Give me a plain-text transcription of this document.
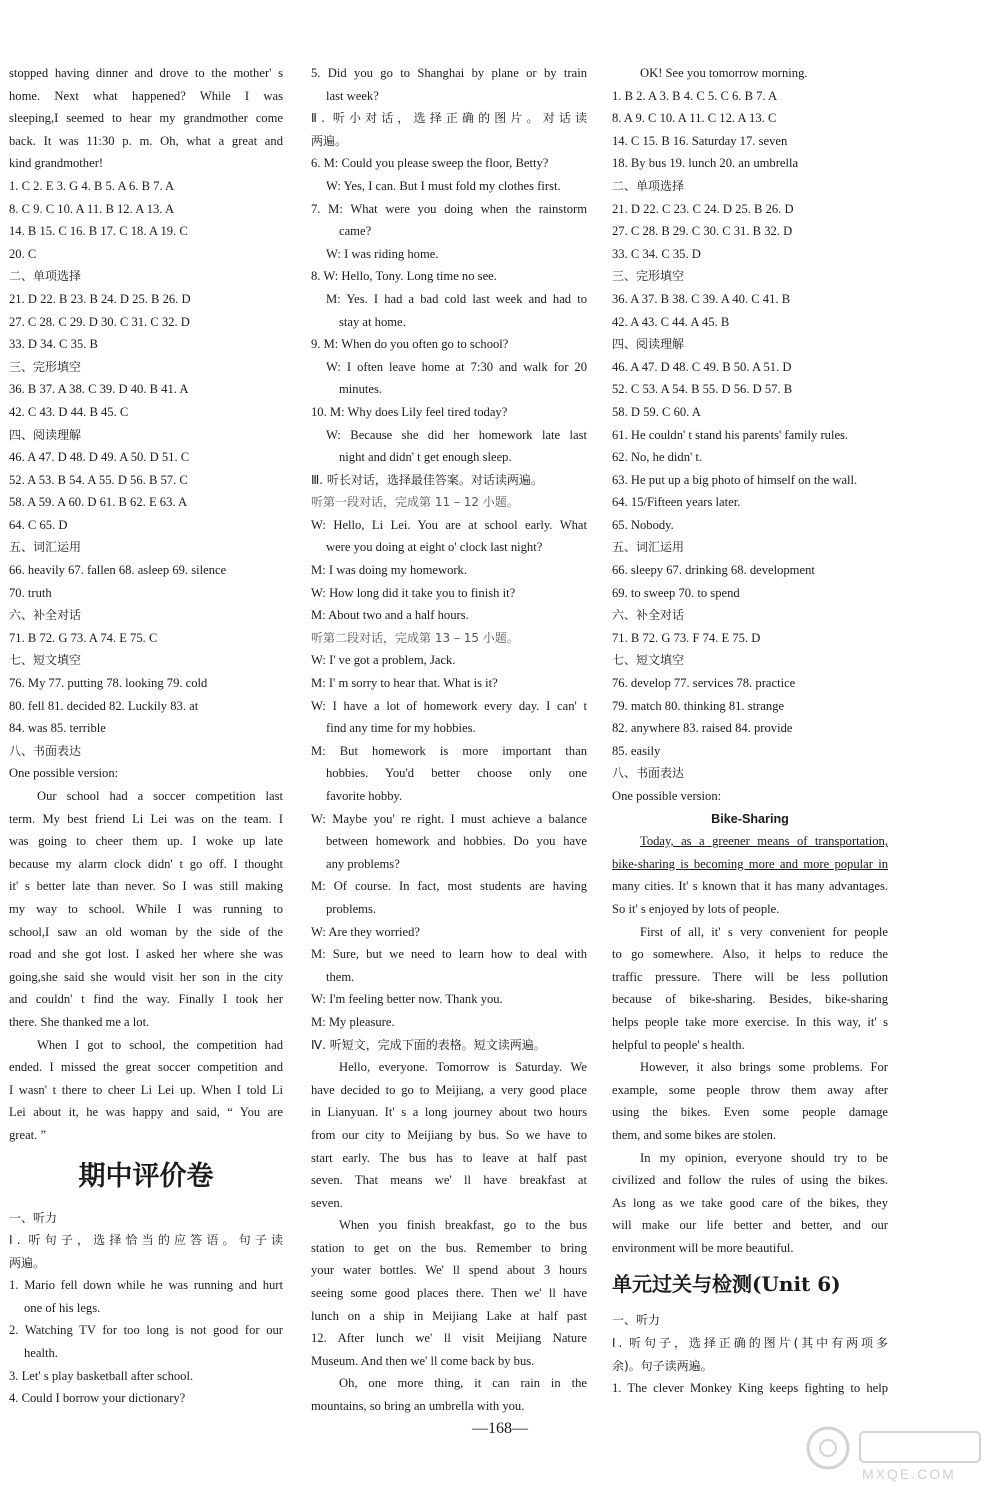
stopped having dinner and drove to the mother' s
home. Next what happened? While I was
sleeping,I seemed to hear my grandmother come
back. It was 11:30 p. m. Oh, what a great and
kind grandmother!
1. C 2. E 3. G 4. B 5. A 6. B 7. A
8. C 9. C 10. A 11. B 12. A 13. A
14. B 15. C 16. B 17. C 18. A 19. C
20. C
二、单项选择
21. D 22. B 23. B 24. D 25. B 26. D
27. C 28. C 29. D 30. C 31. C 32. D
33. D 34. C 35. B
三、完形填空
36. B 37. A 38. C 39. D 40. B 41. A
42. C 43. D 44. B 45. C
四、阅读理解
46. A 47. D 48. D 49. A 50. D 51. C
52. A 53. B 54. A 55. D 56. B 57. C
58. A 59. A 60. D 61. B 62. E 63. A
64. C 65. D
五、词汇运用
66. heavily 67. fallen 68. asleep 69. silence
70. truth
六、补全对话
71. B 72. G 73. A 74. E 75. C
七、短文填空
76. My 77. putting 78. looking 79. cold
80. fell 81. decided 82. Luckily 83. at
84. was 85. terrible
八、书面表达
One possible version:
Our school had a soccer competition last
term. My best friend Li Lei was on the team. I
was going to cheer them up. I woke up late
because my alarm clock didn' t go off. I thought
it' s better late than never. So I was still making
my way to school. While I was running to
school,I saw an old woman by the side of the
road and she got lost. I asked her where she was
going,she said she would visit her son in the city
and couldn' t find the way. Finally I took her
there. She thanked me a lot.
When I got to school, the competition had
ended. I missed the great soccer competition and
I wasn' t there to cheer Li Lei up. When I told Li
Lei about it, he was happy and said, “ You are
great. ”
期中评价卷
一、听力
Ⅰ. 听句子，选择恰当的应答语。句子读
两遍。
1. Mario fell down while he was running and hurt
one of his legs.
2. Watching TV for too long is not good for our
health.
3. Let' s play basketball after school.
4. Could I borrow your dictionary?
5. Did you go to Shanghai by plane or by train
last week?
Ⅱ. 听小对话，选择正确的图片。对话读
两遍。
6. M: Could you please sweep the floor, Betty?
W: Yes, I can. But I must fold my clothes first.
7. M: What were you doing when the rainstorm
came?
W: I was riding home.
8. W: Hello, Tony. Long time no see.
M: Yes. I had a bad cold last week and had to
stay at home.
9. M: When do you often go to school?
W: I often leave home at 7:30 and walk for 20
minutes.
10. M: Why does Lily feel tired today?
W: Because she did her homework late last
night and didn' t get enough sleep.
Ⅲ. 听长对话，选择最佳答案。对话读两遍。
听第一段对话，完成第 11 – 12 小题。
W: Hello, Li Lei. You are at school early. What
were you doing at eight o' clock last night?
M: I was doing my homework.
W: How long did it take you to finish it?
M: About two and a half hours.
听第二段对话，完成第 13 – 15 小题。
W: I' ve got a problem, Jack.
M: I' m sorry to hear that. What is it?
W: I have a lot of homework every day. I can' t
find any time for my hobbies.
M: But homework is more important than
hobbies. You'd better choose only one
favorite hobby.
W: Maybe you' re right. I must achieve a balance
between homework and hobbies. Do you have
any problems?
M: Of course. In fact, most students are having
problems.
W: Are they worried?
M: Sure, but we need to learn how to deal with
them.
W: I'm feeling better now. Thank you.
M: My pleasure.
Ⅳ. 听短文，完成下面的表格。短文读两遍。
Hello, everyone. Tomorrow is Saturday. We
have decided to go to Meijiang, a very good place
in Lianyuan. It' s a long journey about two hours
from our city to Meijiang by bus. So we have to
start early. The bus has to leave at half past
seven. That means we' ll have breakfast at
seven.
When you finish breakfast, go to the bus
station to get on the bus. Remember to bring
your water bottles. We' ll spend about 3 hours
seeing some good places there. Then we' ll have
lunch on a ship in Meijiang Lake at half past
12. After lunch we' ll visit Meijiang Nature
Museum. And then we' ll come back by bus.
Oh, one more thing, it can rain in the
mountains, so bring an umbrella with you.
OK! See you tomorrow morning.
1. B 2. A 3. B 4. C 5. C 6. B 7. A
8. A 9. C 10. A 11. C 12. A 13. C
14. C 15. B 16. Saturday 17. seven
18. By bus 19. lunch 20. an umbrella
二、单项选择
21. D 22. C 23. C 24. D 25. B 26. D
27. C 28. B 29. C 30. C 31. B 32. D
33. C 34. C 35. D
三、完形填空
36. A 37. B 38. C 39. A 40. C 41. B
42. A 43. C 44. A 45. B
四、阅读理解
46. A 47. D 48. C 49. B 50. A 51. D
52. C 53. A 54. B 55. D 56. D 57. B
58. D 59. C 60. A
61. He couldn' t stand his parents' family rules.
62. No, he didn' t.
63. He put up a big photo of himself on the wall.
64. 15/Fifteen years later.
65. Nobody.
五、词汇运用
66. sleepy 67. drinking 68. development
69. to sweep 70. to spend
六、补全对话
71. B 72. G 73. F 74. E 75. D
七、短文填空
76. develop 77. services 78. practice
79. match 80. thinking 81. strange
82. anywhere 83. raised 84. provide
85. easily
八、书面表达
One possible version:
Bike-Sharing
Today, as a greener means of transportation,
bike-sharing is becoming more and more popular in
many cities. It' s known that it has many advantages.
So it' s enjoyed by lots of people.
First of all, it' s very convenient for people
to go somewhere. Also, it helps to reduce the
traffic pressure. There will be less pollution
because of bike-sharing. Besides, bike-sharing
helps people take more exercise. In this way, it' s
helpful to people' s health.
However, it also brings some problems. For
example, some people throw them away after
using the bikes. Even some people damage
them, and some bikes are stolen.
In my opinion, everyone should try to be
civilized and follow the rules of using the bikes.
As long as we take good care of the bikes, they
will make our life better and better, and our
environment will be more beautiful.
单元过关与检测(Unit 6)
一、听力
Ⅰ. 听句子，选择正确的图片(其中有两项多
余)。句子读两遍。
1. The clever Monkey King keeps fighting to help
—168—
MXQE.COM
